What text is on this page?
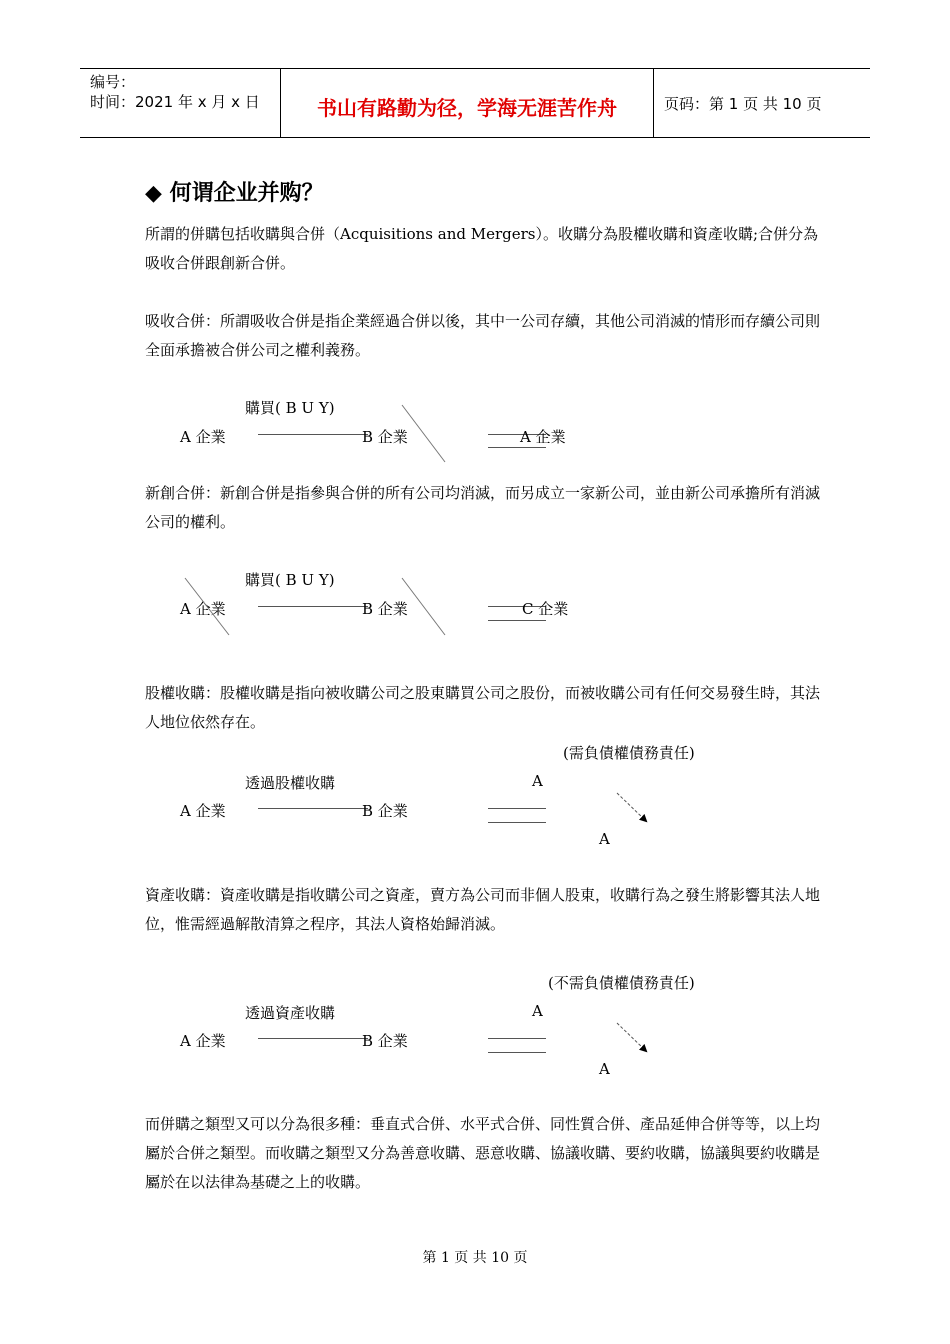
编号：
时间：2021 年 x 月 x 日	书山有路勤为径，学海无涯苦作舟	页码：第 1 页 共 10 页
◆ 何谓企业并购？

所謂的併購包括收購與合併（Acquisitions and Mergers）。收購分為股權收購和資產收購;合併分為吸收合併跟創新合併。

吸收合併：所謂吸收合併是指企業經過合併以後，其中一公司存續，其他公司消滅的情形而存續公司則全面承擔被合併公司之權利義務。

購買( B U Y)
A 企業	B 企業	A 企業

新創合併：新創合併是指參與合併的所有公司均消滅，而另成立一家新公司，並由新公司承擔所有消滅公司的權利。

購買( B U Y)
A 企業	B 企業	C 企業

股權收購：股權收購是指向被收購公司之股東購買公司之股份，而被收購公司有任何交易發生時，其法人地位依然存在。

(需負債權債務責任)
透過股權收購	A
A 企業	B 企業
A

資產收購：資產收購是指收購公司之資產，賣方為公司而非個人股東，收購行為之發生將影響其法人地位，惟需經過解散清算之程序，其法人資格始歸消滅。

(不需負債權債務責任)
透過資產收購	A
A 企業	B 企業
A

而併購之類型又可以分為很多種：垂直式合併、水平式合併、同性質合併、產品延伸合併等等，以上均屬於合併之類型。而收購之類型又分為善意收購、惡意收購、協議收購、要約收購，協議與要約收購是屬於在以法律為基礎之上的收購。

第 1 页 共 10 页
